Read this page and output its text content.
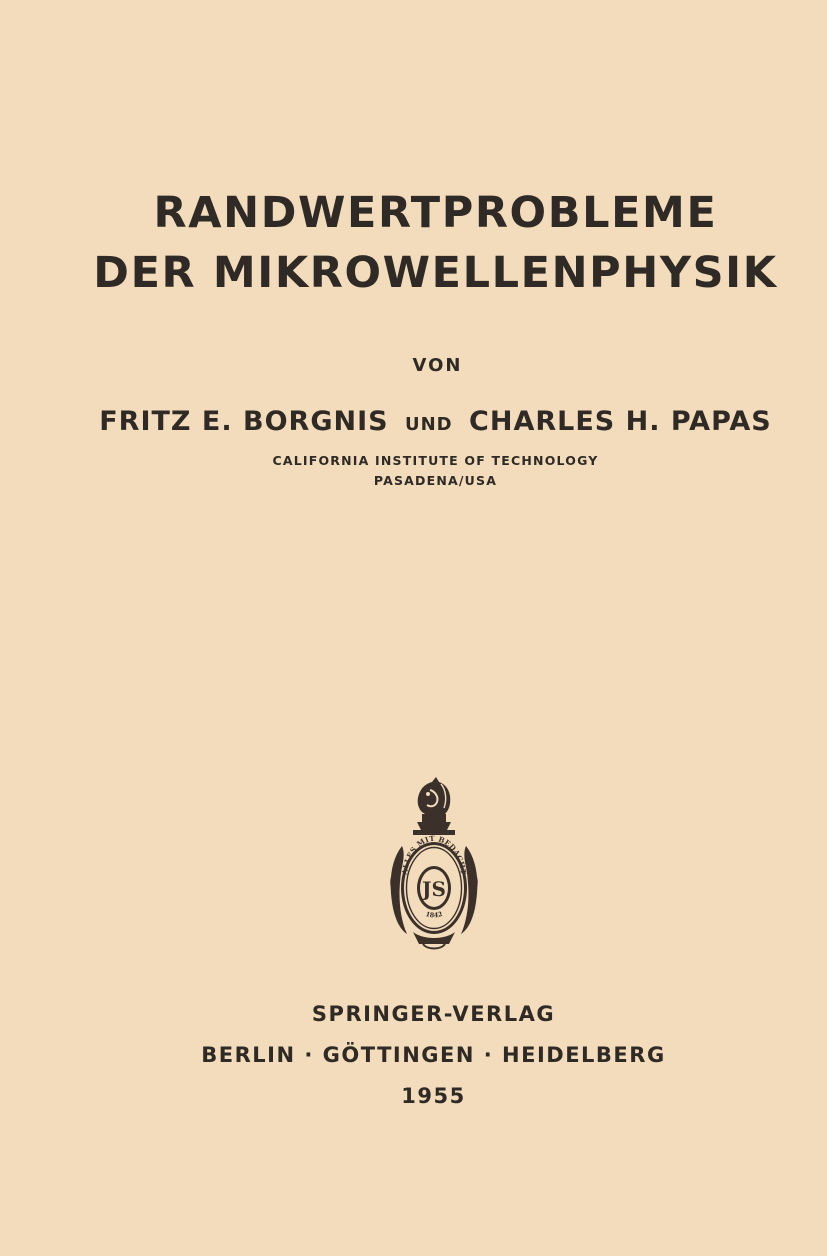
RANDWERTPROBLEME
DER MIKROWELLENPHYSIK
VON
FRITZ E. BORGNIS UND CHARLES H. PAPAS
CALIFORNIA INSTITUTE OF TECHNOLOGY
PASADENA/USA
ALLES MIT BEDACHT
1842
JS
SPRINGER-VERLAG
BERLIN · GÖTTINGEN · HEIDELBERG
1955
